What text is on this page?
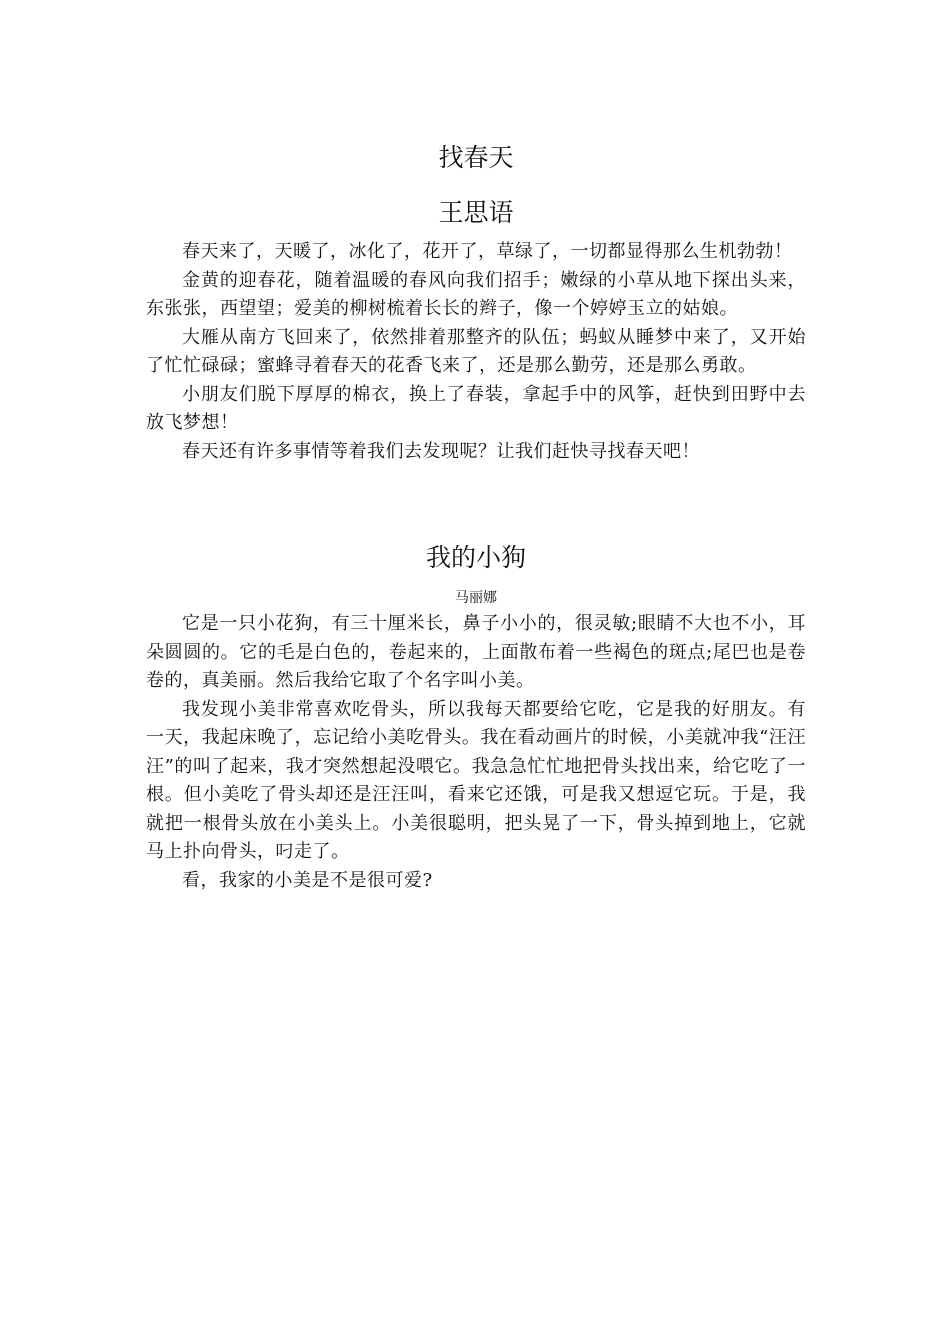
找春天
王思语

春天来了，天暖了，冰化了，花开了，草绿了，一切都显得那么生机勃勃！

金黄的迎春花，随着温暖的春风向我们招手；嫩绿的小草从地下探出头来，东张张，西望望；爱美的柳树梳着长长的辫子，像一个婷婷玉立的姑娘。

大雁从南方飞回来了，依然排着那整齐的队伍；蚂蚁从睡梦中来了，又开始了忙忙碌碌；蜜蜂寻着春天的花香飞来了，还是那么勤劳，还是那么勇敢。

小朋友们脱下厚厚的棉衣，换上了春装，拿起手中的风筝，赶快到田野中去放飞梦想！

春天还有许多事情等着我们去发现呢？让我们赶快寻找春天吧！

我的小狗
马丽娜

它是一只小花狗，有三十厘米长，鼻子小小的，很灵敏;眼睛不大也不小，耳朵圆圆的。它的毛是白色的，卷起来的，上面散布着一些褐色的斑点;尾巴也是卷卷的，真美丽。然后我给它取了个名字叫小美。

我发现小美非常喜欢吃骨头，所以我每天都要给它吃，它是我的好朋友。有一天，我起床晚了，忘记给小美吃骨头。我在看动画片的时候，小美就冲我“汪汪汪”的叫了起来，我才突然想起没喂它。我急急忙忙地把骨头找出来，给它吃了一根。但小美吃了骨头却还是汪汪叫，看来它还饿，可是我又想逗它玩。于是，我就把一根骨头放在小美头上。小美很聪明，把头晃了一下，骨头掉到地上，它就马上扑向骨头，叼走了。

看，我家的小美是不是很可爱?
